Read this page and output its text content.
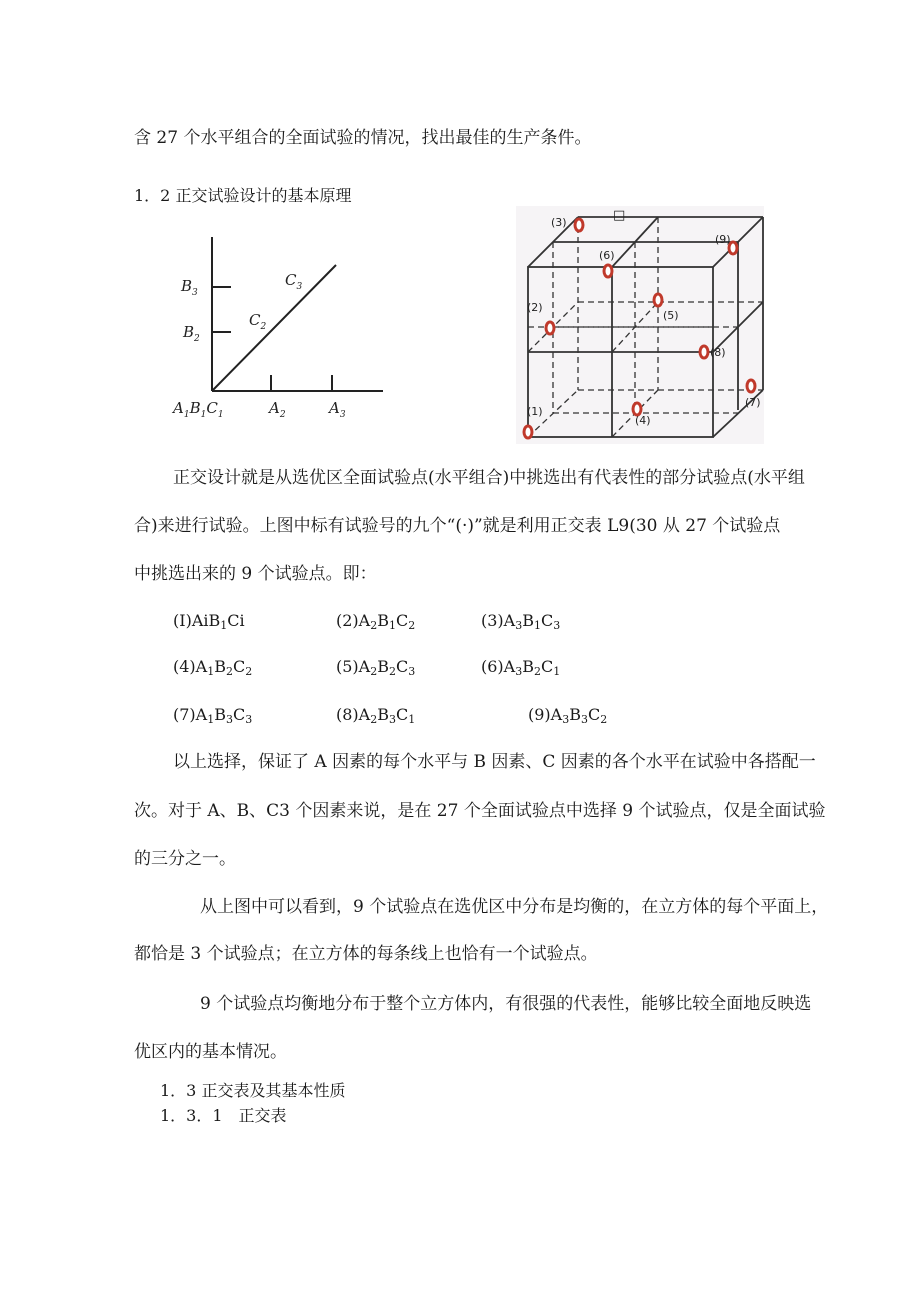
含 27 个水平组合的全面试验的情况，找出最佳的生产条件。
1．2 正交试验设计的基本原理
$B_3$
$B_2$
$C_3$
$C_2$
$A_1B_1C_1$	$A_2$	$A_3$
□
(1)
(2)
(3)
(4)
(5)
(6)
(7)
(8)
(9)
正交设计就是从选优区全面试验点(水平组合)中挑选出有代表性的部分试验点(水平组
合)来进行试验。上图中标有试验号的九个“(·)”就是利用正交表 L9(30 从 27 个试验点
中挑选出来的 9 个试验点。即：
(I)AiB$_1$Ci	$(2)A_2B_1C_2$	$(3)A_3B_1C_3$
$(4)A_1B_2C_2$	$(5)A_2B_2C_3$	$(6)A_3B_2C_1$
$(7)A_1B_3C_3$	$(8)A_2B_3C_1$	$(9)A_3B_3C_2$
以上选择，保证了 A 因素的每个水平与 B 因素、C 因素的各个水平在试验中各搭配一
次。对于 A、B、C3 个因素来说，是在 27 个全面试验点中选择 9 个试验点，仅是全面试验
的三分之一。
从上图中可以看到，9 个试验点在选优区中分布是均衡的，在立方体的每个平面上，
都恰是 3 个试验点；在立方体的每条线上也恰有一个试验点。
9 个试验点均衡地分布于整个立方体内，有很强的代表性，能够比较全面地反映选
优区内的基本情况。
1．3 正交表及其基本性质
1．3．1　正交表
